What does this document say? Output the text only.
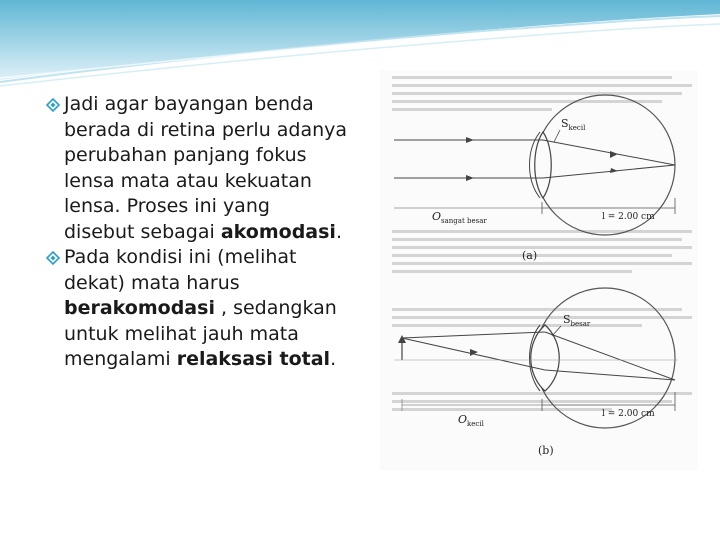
Jadi agar bayangan benda
berada di retina perlu adanya
perubahan panjang fokus
lensa mata atau kekuatan
lensa. Proses ini yang
disebut sebagai akomodasi.
Pada kondisi ini (melihat
dekat) mata harus
berakomodasi , sedangkan
untuk melihat jauh mata
mengalami relaksasi total.
$S_{kecil}$
$O_{sangat besar}$	l = 2.00 cm
(a)
$S_{besar}$
$O_{kecil}$
l = 2.00 cm
(b)
